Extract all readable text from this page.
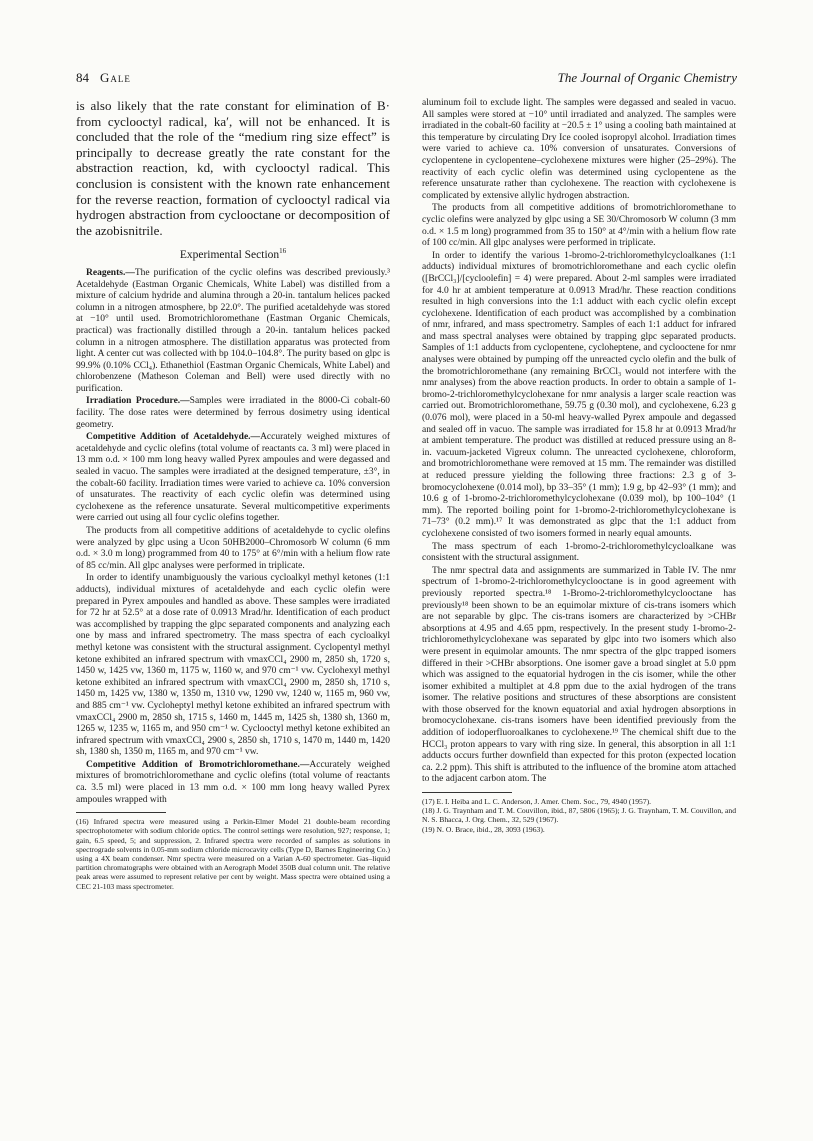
84 Gale	The Journal of Organic Chemistry

is also likely that the rate constant for elimination of B· from cyclooctyl radical, ka′, will not be enhanced. It is concluded that the role of the “medium ring size effect” is principally to decrease greatly the rate constant for the abstraction reaction, kd, with cyclooctyl radical. This conclusion is consistent with the known rate enhancement for the reverse reaction, formation of cyclooctyl radical via hydrogen abstraction from cyclooctane or decomposition of the azobisnitrile.

Experimental Section$^{16}$

Reagents.—The purification of the cyclic olefins was described previously.³ Acetaldehyde (Eastman Organic Chemicals, White Label) was distilled from a mixture of calcium hydride and alumina through a 20-in. tantalum helices packed column in a nitrogen atmosphere, bp 22.0°. The purified acetaldehyde was stored at −10° until used. Bromotrichloromethane (Eastman Organic Chemicals, practical) was fractionally distilled through a 20-in. tantalum helices packed column in a nitrogen atmosphere. The distillation apparatus was protected from light. A center cut was collected with bp 104.0–104.8°. The purity based on glpc is 99.9% (0.10% CCl₄). Ethanethiol (Eastman Organic Chemicals, White Label) and chlorobenzene (Matheson Coleman and Bell) were used directly with no purification.

Irradiation Procedure.—Samples were irradiated in the 8000-Ci cobalt-60 facility. The dose rates were determined by ferrous dosimetry using identical geometry.

Competitive Addition of Acetaldehyde.—Accurately weighed mixtures of acetaldehyde and cyclic olefins (total volume of reactants ca. 3 ml) were placed in 13 mm o.d. × 100 mm long heavy walled Pyrex ampoules and were degassed and sealed in vacuo. The samples were irradiated at the designed temperature, ±3°, in the cobalt-60 facility. Irradiation times were varied to achieve ca. 10% conversion of unsaturates. The reactivity of each cyclic olefin was determined using cyclohexene as the reference unsaturate. Several multicompetitive experiments were carried out using all four cyclic olefins together.

The products from all competitive additions of acetaldehyde to cyclic olefins were analyzed by glpc using a Ucon 50HB2000–Chromosorb W column (6 mm o.d. × 3.0 m long) programmed from 40 to 175° at 6°/min with a helium flow rate of 85 cc/min. All glpc analyses were performed in triplicate.

In order to identify unambiguously the various cycloalkyl methyl ketones (1:1 adducts), individual mixtures of acetaldehyde and each cyclic olefin were prepared in Pyrex ampoules and handled as above. These samples were irradiated for 72 hr at 52.5° at a dose rate of 0.0913 Mrad/hr. Identification of each product was accomplished by trapping the glpc separated components and analyzing each one by mass and infrared spectrometry. The mass spectra of each cycloalkyl methyl ketone was consistent with the structural assignment. Cyclopentyl methyl ketone exhibited an infrared spectrum with νmaxCCl₄ 2900 m, 2850 sh, 1720 s, 1450 w, 1425 vw, 1360 m, 1175 w, 1160 w, and 970 cm⁻¹ vw. Cyclohexyl methyl ketone exhibited an infrared spectrum with νmaxCCl₄ 2900 m, 2850 sh, 1710 s, 1450 m, 1425 vw, 1380 w, 1350 m, 1310 vw, 1290 vw, 1240 w, 1165 m, 960 vw, and 885 cm⁻¹ vw. Cycloheptyl methyl ketone exhibited an infrared spectrum with νmaxCCl₄ 2900 m, 2850 sh, 1715 s, 1460 m, 1445 m, 1425 sh, 1380 sh, 1360 m, 1265 w, 1235 w, 1165 m, and 950 cm⁻¹ w. Cyclooctyl methyl ketone exhibited an infrared spectrum with νmaxCCl₄ 2900 s, 2850 sh, 1710 s, 1470 m, 1440 m, 1420 sh, 1380 sh, 1350 m, 1165 m, and 970 cm⁻¹ vw.

Competitive Addition of Bromotrichloromethane.—Accurately weighed mixtures of bromotrichloromethane and cyclic olefins (total volume of reactants ca. 3.5 ml) were placed in 13 mm o.d. × 100 mm long heavy walled Pyrex ampoules wrapped with

(16) Infrared spectra were measured using a Perkin-Elmer Model 21 double-beam recording spectrophotometer with sodium chloride optics. The control settings were resolution, 927; response, 1; gain, 6.5 speed, 5; and suppression, 2. Infrared spectra were recorded of samples as solutions in spectrograde solvents in 0.05-mm sodium chloride microcavity cells (Type D, Barnes Engineering Co.) using a 4X beam condenser. Nmr spectra were measured on a Varian A-60 spectrometer. Gas–liquid partition chromatographs were obtained with an Aerograph Model 350B dual column unit. The relative peak areas were assumed to represent relative per cent by weight. Mass spectra were obtained using a CEC 21-103 mass spectrometer.

aluminum foil to exclude light. The samples were degassed and sealed in vacuo. All samples were stored at −10° until irradiated and analyzed. The samples were irradiated in the cobalt-60 facility at −20.5 ± 1° using a cooling bath maintained at this temperature by circulating Dry Ice cooled isopropyl alcohol. Irradiation times were varied to achieve ca. 10% conversion of unsaturates. Conversions of cyclopentene in cyclopentene–cyclohexene mixtures were higher (25–29%). The reactivity of each cyclic olefin was determined using cyclopentene as the reference unsaturate rather than cyclohexene. The reaction with cyclohexene is complicated by extensive allylic hydrogen abstraction.

The products from all competitive additions of bromotrichloromethane to cyclic olefins were analyzed by glpc using a SE 30/Chromosorb W column (3 mm o.d. × 1.5 m long) programmed from 35 to 150° at 4°/min with a helium flow rate of 100 cc/min. All glpc analyses were performed in triplicate.

In order to identify the various 1-bromo-2-trichloromethylcycloalkanes (1:1 adducts) individual mixtures of bromotrichloromethane and each cyclic olefin ([BrCCl₃]/[cycloolefin] = 4) were prepared. About 2-ml samples were irradiated for 4.0 hr at ambient temperature at 0.0913 Mrad/hr. These reaction conditions resulted in high conversions into the 1:1 adduct with each cyclic olefin except cyclohexene. Identification of each product was accomplished by a combination of nmr, infrared, and mass spectrometry. Samples of each 1:1 adduct for infrared and mass spectral analyses were obtained by trapping glpc separated products. Samples of 1:1 adducts from cyclopentene, cycloheptene, and cyclooctene for nmr analyses were obtained by pumping off the unreacted cyclo olefin and the bulk of the bromotrichloromethane (any remaining BrCCl₃ would not interfere with the nmr analyses) from the above reaction products. In order to obtain a sample of 1-bromo-2-trichloromethylcyclohexane for nmr analysis a larger scale reaction was carried out. Bromotrichloromethane, 59.75 g (0.30 mol), and cyclohexene, 6.23 g (0.076 mol), were placed in a 50-ml heavy-walled Pyrex ampoule and degassed and sealed off in vacuo. The sample was irradiated for 15.8 hr at 0.0913 Mrad/hr at ambient temperature. The product was distilled at reduced pressure using an 8-in. vacuum-jacketed Vigreux column. The unreacted cyclohexene, chloroform, and bromotrichloromethane were removed at 15 mm. The remainder was distilled at reduced pressure yielding the following three fractions: 2.3 g of 3-bromocyclohexene (0.014 mol), bp 33–35° (1 mm); 1.9 g, bp 42–93° (1 mm); and 10.6 g of 1-bromo-2-trichloromethylcyclohexane (0.039 mol), bp 100–104° (1 mm). The reported boiling point for 1-bromo-2-trichloromethylcyclohexane is 71–73° (0.2 mm).¹⁷ It was demonstrated as glpc that the 1:1 adduct from cyclohexene consisted of two isomers formed in nearly equal amounts.

The mass spectrum of each 1-bromo-2-trichloromethylcycloalkane was consistent with the structural assignment.

The nmr spectral data and assignments are summarized in Table IV. The nmr spectrum of 1-bromo-2-trichloromethylcyclooctane is in good agreement with previously reported spectra.¹⁸ 1-Bromo-2-trichloromethylcyclooctane has previously¹⁸ been shown to be an equimolar mixture of cis-trans isomers which are not separable by glpc. The cis-trans isomers are characterized by >CHBr absorptions at 4.95 and 4.65 ppm, respectively. In the present study 1-bromo-2-trichloromethylcyclohexane was separated by glpc into two isomers which also were present in equimolar amounts. The nmr spectra of the glpc trapped isomers differed in their >CHBr absorptions. One isomer gave a broad singlet at 5.0 ppm which was assigned to the equatorial hydrogen in the cis isomer, while the other isomer exhibited a multiplet at 4.8 ppm due to the axial hydrogen of the trans isomer. The relative positions and structures of these absorptions are consistent with those observed for the known equatorial and axial hydrogen absorptions in bromocyclohexane. cis-trans isomers have been identified previously from the addition of iodoperfluoroalkanes to cyclohexene.¹⁹ The chemical shift due to the HCCl₃ proton appears to vary with ring size. In general, this absorption in all 1:1 adducts occurs further downfield than expected for this proton (expected location ca. 2.2 ppm). This shift is attributed to the influence of the bromine atom attached to the adjacent carbon atom. The

(17) E. I. Heiba and L. C. Anderson, J. Amer. Chem. Soc., 79, 4940 (1957).

(18) J. G. Traynham and T. M. Couvillon, ibid., 87, 5806 (1965); J. G. Traynham, T. M. Couvillon, and N. S. Bhacca, J. Org. Chem., 32, 529 (1967).

(19) N. O. Brace, ibid., 28, 3093 (1963).
